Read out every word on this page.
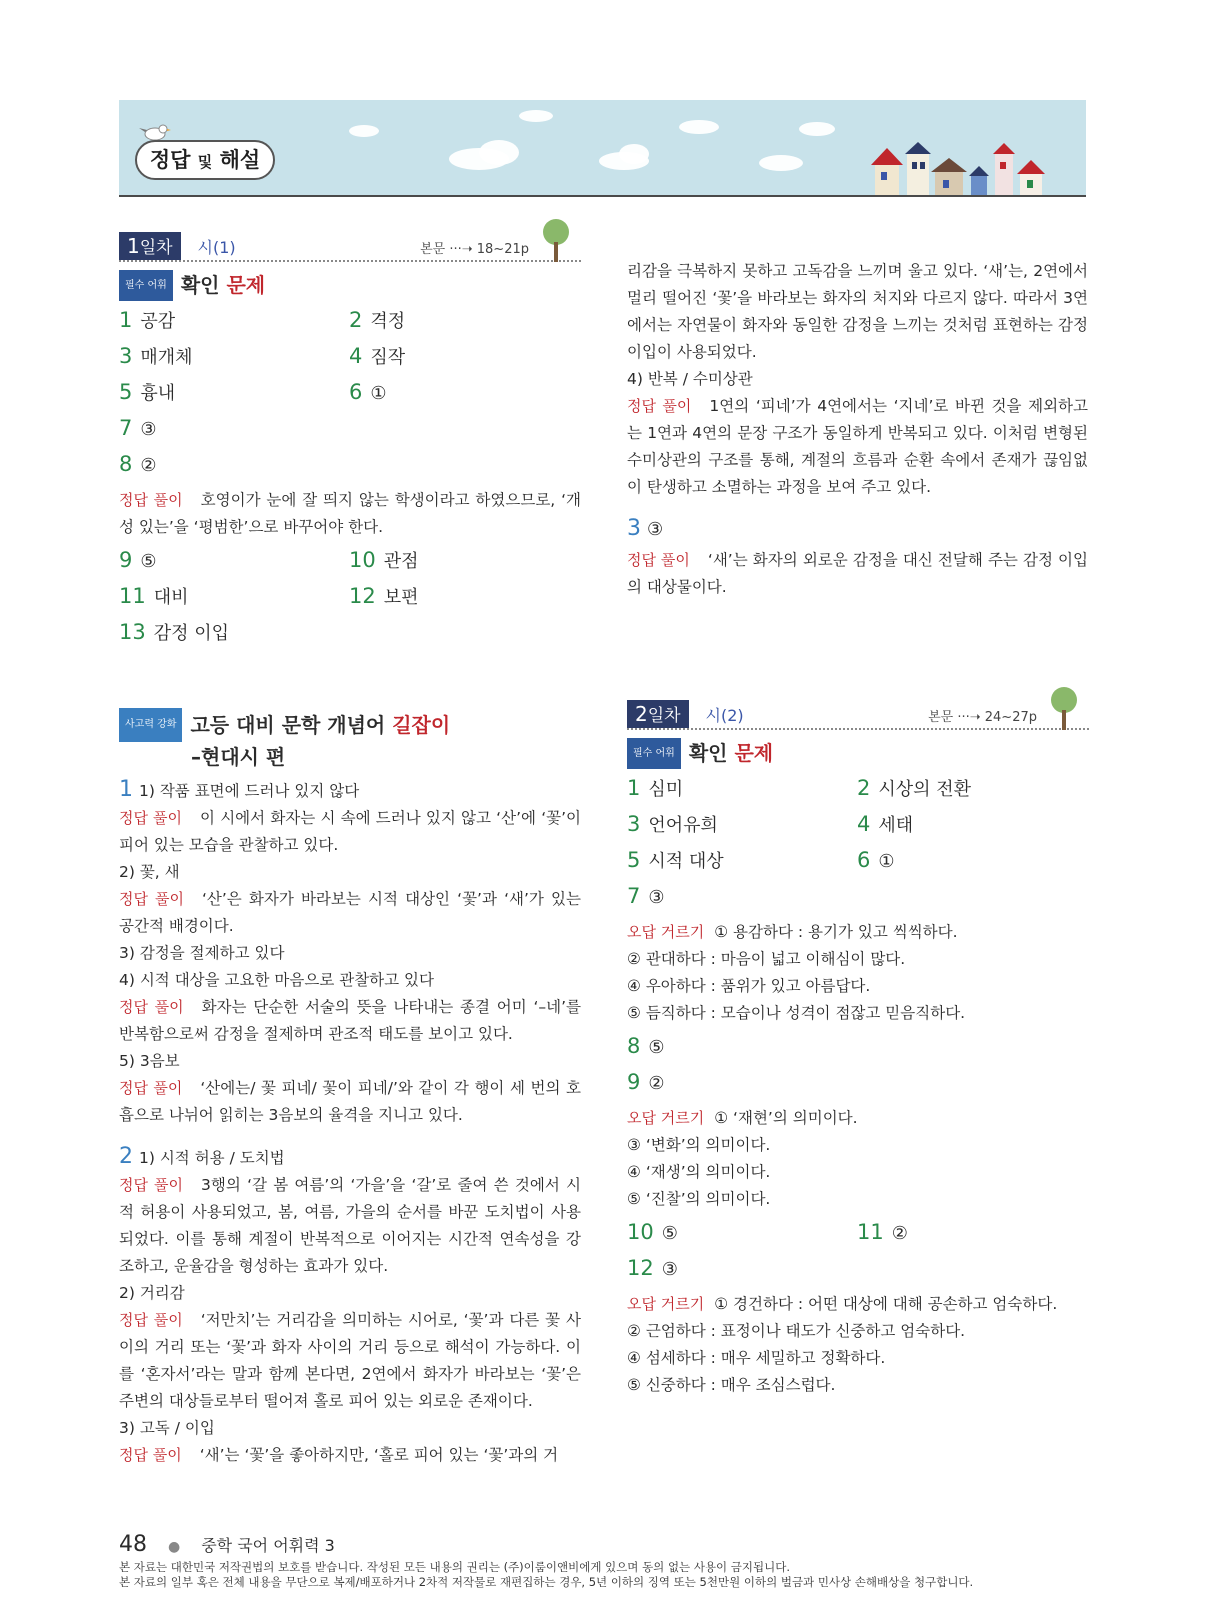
정답 및 해설
1일차 시(1)	본문 ···➝ 18~21p
필수 어휘 확인 문제
1 공감	2 격정
3 매개체	4 짐작
5 흉내	6 ①
7 ③
8 ②

정답 풀이 호영이가 눈에 잘 띄지 않는 학생이라고 하였으므로, ‘개성 있는’을 ‘평범한’으로 바꾸어야 한다.

9 ⑤	10 관점
11 대비	12 보편
13 감정 이입

리감을 극복하지 못하고 고독감을 느끼며 울고 있다. ‘새’는, 2연에서 멀리 떨어진 ‘꽃’을 바라보는 화자의 처지와 다르지 않다. 따라서 3연에서는 자연물이 화자와 동일한 감정을 느끼는 것처럼 표현하는 감정 이입이 사용되었다.

4) 반복 / 수미상관

정답 풀이 1연의 ‘피네’가 4연에서는 ‘지네’로 바뀐 것을 제외하고는 1연과 4연의 문장 구조가 동일하게 반복되고 있다. 이처럼 변형된 수미상관의 구조를 통해, 계절의 흐름과 순환 속에서 존재가 끊임없이 탄생하고 소멸하는 과정을 보여 주고 있다.

3 ③

정답 풀이 ‘새’는 화자의 외로운 감정을 대신 전달해 주는 감정 이입의 대상물이다.

사고력 강화 고등 대비 문학 개념어 길잡이
–현대시 편

1 1) 작품 표면에 드러나 있지 않다

정답 풀이 이 시에서 화자는 시 속에 드러나 있지 않고 ‘산’에 ‘꽃’이 피어 있는 모습을 관찰하고 있다.

2) 꽃, 새

정답 풀이 ‘산’은 화자가 바라보는 시적 대상인 ‘꽃’과 ‘새’가 있는 공간적 배경이다.

3) 감정을 절제하고 있다

4) 시적 대상을 고요한 마음으로 관찰하고 있다

정답 풀이 화자는 단순한 서술의 뜻을 나타내는 종결 어미 ‘–네’를 반복함으로써 감정을 절제하며 관조적 태도를 보이고 있다.

5) 3음보

정답 풀이 ‘산에는/ 꽃 피네/ 꽃이 피네/’와 같이 각 행이 세 번의 호흡으로 나뉘어 읽히는 3음보의 율격을 지니고 있다.

2 1) 시적 허용 / 도치법

정답 풀이 3행의 ‘갈 봄 여름’의 ‘가을’을 ‘갈’로 줄여 쓴 것에서 시적 허용이 사용되었고, 봄, 여름, 가을의 순서를 바꾼 도치법이 사용되었다. 이를 통해 계절이 반복적으로 이어지는 시간적 연속성을 강조하고, 운율감을 형성하는 효과가 있다.

2) 거리감

정답 풀이 ‘저만치’는 거리감을 의미하는 시어로, ‘꽃’과 다른 꽃 사이의 거리 또는 ‘꽃’과 화자 사이의 거리 등으로 해석이 가능하다. 이를 ‘혼자서’라는 말과 함께 본다면, 2연에서 화자가 바라보는 ‘꽃’은 주변의 대상들로부터 떨어져 홀로 피어 있는 외로운 존재이다.

3) 고독 / 이입

정답 풀이 ‘새’는 ‘꽃’을 좋아하지만, ‘홀로 피어 있는 ‘꽃’과의 거

2일차 시(2)	본문 ···➝ 24~27p
필수 어휘 확인 문제
1 심미	2 시상의 전환
3 언어유희	4 세태
5 시적 대상	6 ①
7 ③

오답 거르기 ① 용감하다 : 용기가 있고 씩씩하다.

② 관대하다 : 마음이 넓고 이해심이 많다.

④ 우아하다 : 품위가 있고 아름답다.

⑤ 듬직하다 : 모습이나 성격이 점잖고 믿음직하다.

8 ⑤
9 ②

오답 거르기 ① ‘재현’의 의미이다.

③ ‘변화’의 의미이다.

④ ‘재생’의 의미이다.

⑤ ‘진찰’의 의미이다.

10 ⑤	11 ②
12 ③

오답 거르기 ① 경건하다 : 어떤 대상에 대해 공손하고 엄숙하다.

② 근엄하다 : 표정이나 태도가 신중하고 엄숙하다.

④ 섬세하다 : 매우 세밀하고 정확하다.

⑤ 신중하다 : 매우 조심스럽다.

48 ● 중학 국어 어휘력 3
본 자료는 대한민국 저작권법의 보호를 받습니다. 작성된 모든 내용의 권리는 (주)이룸이앤비에게 있으며 동의 없는 사용이 금지됩니다.
본 자료의 일부 혹은 전체 내용을 무단으로 복제/배포하거나 2차적 저작물로 재편집하는 경우, 5년 이하의 징역 또는 5천만원 이하의 벌금과 민사상 손해배상을 청구합니다.
